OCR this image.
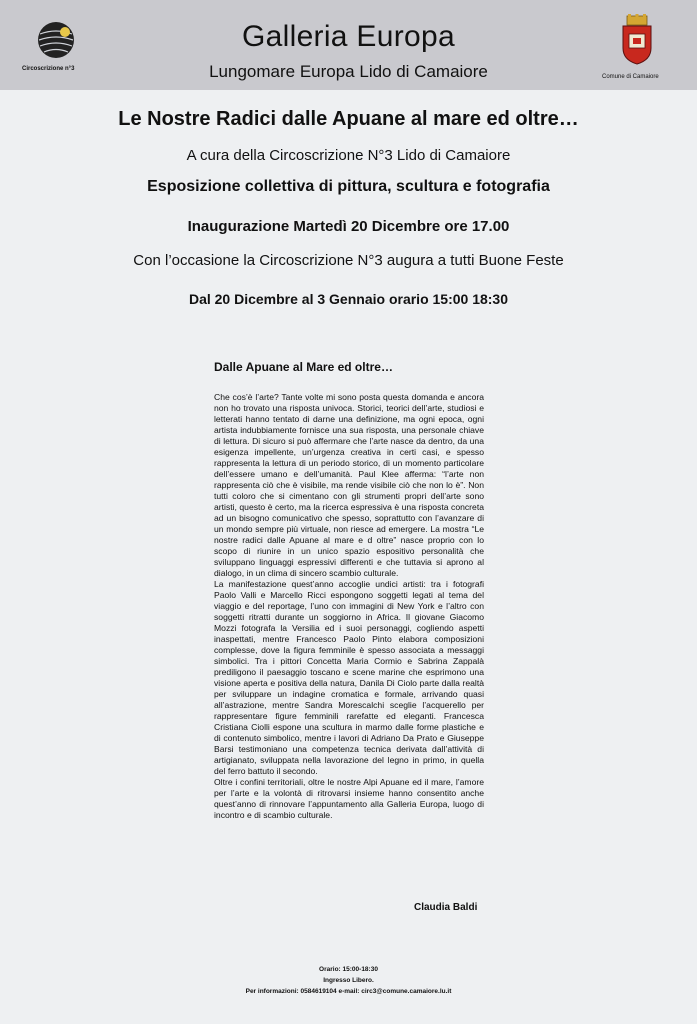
Circoscrizione n°3
Galleria Europa
Lungomare Europa Lido di Camaiore	Comune di Camaiore
Le Nostre Radici dalle Apuane al mare ed oltre…
A cura della Circoscrizione N°3 Lido di Camaiore
Esposizione collettiva di pittura, scultura e fotografia
Inaugurazione Martedì 20 Dicembre ore 17.00
Con l’occasione la Circoscrizione N°3 augura a tutti Buone Feste
Dal 20 Dicembre al 3 Gennaio orario 15:00 18:30
Dalle Apuane al Mare ed oltre…

Che cos’è l’arte? Tante volte mi sono posta questa domanda e ancora non ho trovato una risposta univoca. Storici, teorici dell’arte, studiosi e letterati hanno tentato di darne una definizione, ma ogni epoca, ogni artista indubbiamente fornisce una sua risposta, una personale chiave di lettura. Di sicuro si può affermare che l’arte nasce da dentro, da una esigenza impellente, un’urgenza creativa in certi casi, e spesso rappresenta la lettura di un periodo storico, di un momento particolare dell’essere umano e dell’umanità. Paul Klee afferma: “l’arte non rappresenta ciò che è visibile, ma rende visibile ciò che non lo è”. Non tutti coloro che si cimentano con gli strumenti propri dell’arte sono artisti, questo è certo, ma la ricerca espressiva è una risposta concreta ad un bisogno comunicativo che spesso, soprattutto con l’avanzare di un mondo sempre più virtuale, non riesce ad emergere. La mostra “Le nostre radici dalle Apuane al mare e d oltre” nasce proprio con lo scopo di riunire in un unico spazio espositivo personalità che sviluppano linguaggi espressivi differenti e che tuttavia si aprono al dialogo, in un clima di sincero scambio culturale.

La manifestazione quest’anno accoglie undici artisti: tra i fotografi Paolo Valli e Marcello Ricci espongono soggetti legati al tema del viaggio e del reportage, l’uno con immagini di New York e l’altro con soggetti ritratti durante un soggiorno in Africa. Il giovane Giacomo Mozzi fotografa la Versilia ed i suoi personaggi, cogliendo aspetti inaspettati, mentre Francesco Paolo Pinto elabora composizioni complesse, dove la figura femminile è spesso associata a messaggi simbolici. Tra i pittori Concetta Maria Cormio e Sabrina Zappalà prediligono il paesaggio toscano e scene marine che esprimono una visione aperta e positiva della natura, Danila Di Ciolo parte dalla realtà per sviluppare un indagine cromatica e formale, arrivando quasi all’astrazione, mentre Sandra Morescalchi sceglie l’acquerello per rappresentare figure femminili rarefatte ed eleganti. Francesca Cristiana Ciolli espone una scultura in marmo dalle forme plastiche e di contenuto simbolico, mentre i lavori di Adriano Da Prato e Giuseppe Barsi testimoniano una competenza tecnica derivata dall’attività di artigianato, sviluppata nella lavorazione del legno in primo, in quella del ferro battuto il secondo.

Oltre i confini territoriali, oltre le nostre Alpi Apuane ed il mare, l’amore per l’arte e la volontà di ritrovarsi insieme hanno consentito anche quest’anno di rinnovare l’appuntamento alla Galleria Europa, luogo di incontro e di scambio culturale.

Claudia Baldi
Orario: 15:00-18:30
Ingresso Libero.
Per informazioni: 0584619104 e-mail: circ3@comune.camaiore.lu.it
